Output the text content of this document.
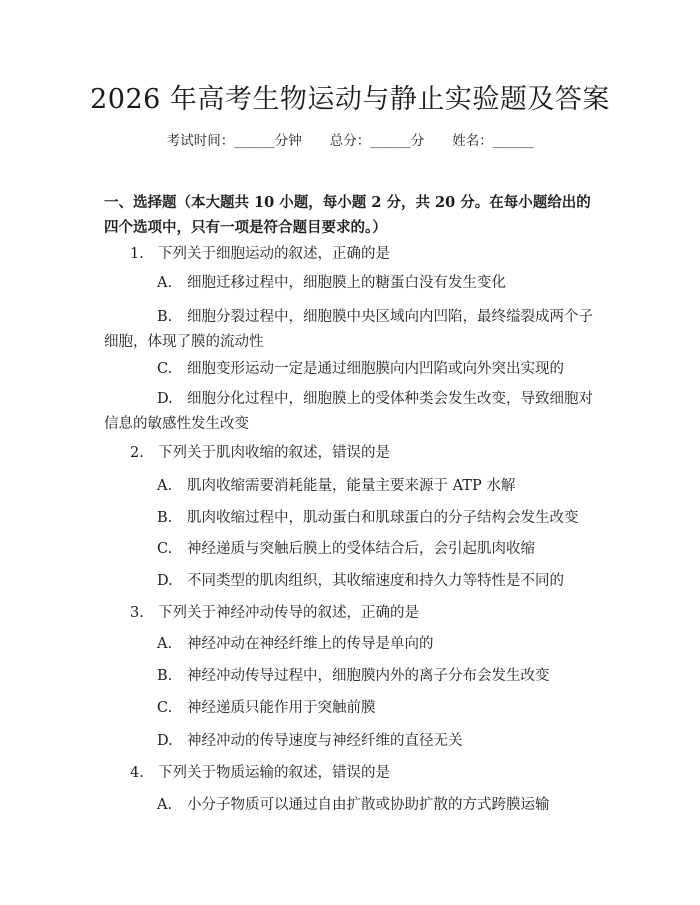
2026 年高考生物运动与静止实验题及答案
考试时间：______分钟 总分：______分 姓名：______
一、选择题（本大题共 10 小题，每小题 2 分，共 20 分。在每小题给出的四个选项中，只有一项是符合题目要求的。）
1. 下列关于细胞运动的叙述，正确的是
A. 细胞迁移过程中，细胞膜上的糖蛋白没有发生变化
B. 细胞分裂过程中，细胞膜中央区域向内凹陷，最终缢裂成两个子细胞，体现了膜的流动性
C. 细胞变形运动一定是通过细胞膜向内凹陷或向外突出实现的
D. 细胞分化过程中，细胞膜上的受体种类会发生改变，导致细胞对信息的敏感性发生改变
2. 下列关于肌肉收缩的叙述，错误的是
A. 肌肉收缩需要消耗能量，能量主要来源于 ATP 水解
B. 肌肉收缩过程中，肌动蛋白和肌球蛋白的分子结构会发生改变
C. 神经递质与突触后膜上的受体结合后，会引起肌肉收缩
D. 不同类型的肌肉组织，其收缩速度和持久力等特性是不同的
3. 下列关于神经冲动传导的叙述，正确的是
A. 神经冲动在神经纤维上的传导是单向的
B. 神经冲动传导过程中，细胞膜内外的离子分布会发生改变
C. 神经递质只能作用于突触前膜
D. 神经冲动的传导速度与神经纤维的直径无关
4. 下列关于物质运输的叙述，错误的是
A. 小分子物质可以通过自由扩散或协助扩散的方式跨膜运输
